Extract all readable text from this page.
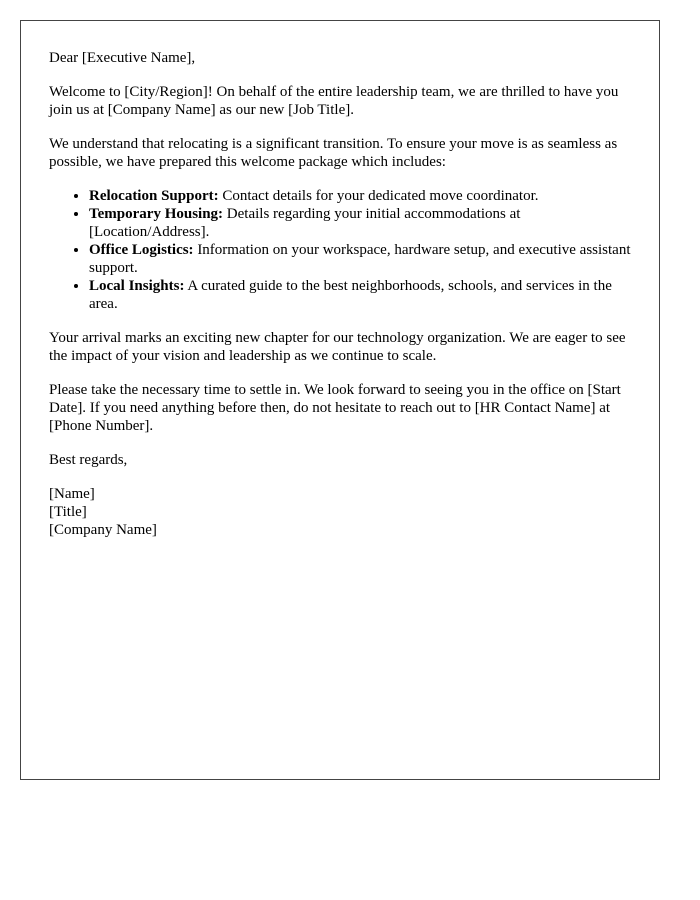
Dear [Executive Name],

Welcome to [City/Region]! On behalf of the entire leadership team, we are thrilled to have you join us at [Company Name] as our new [Job Title].

We understand that relocating is a significant transition. To ensure your move is as seamless as possible, we have prepared this welcome package which includes:

• Relocation Support: Contact details for your dedicated move coordinator.
• Temporary Housing: Details regarding your initial accommodations at [Location/Address].
• Office Logistics: Information on your workspace, hardware setup, and executive assistant support.
• Local Insights: A curated guide to the best neighborhoods, schools, and services in the area.

Your arrival marks an exciting new chapter for our technology organization. We are eager to see the impact of your vision and leadership as we continue to scale.

Please take the necessary time to settle in. We look forward to seeing you in the office on [Start Date]. If you need anything before then, do not hesitate to reach out to [HR Contact Name] at [Phone Number].

Best regards,

[Name]
[Title]
[Company Name]
